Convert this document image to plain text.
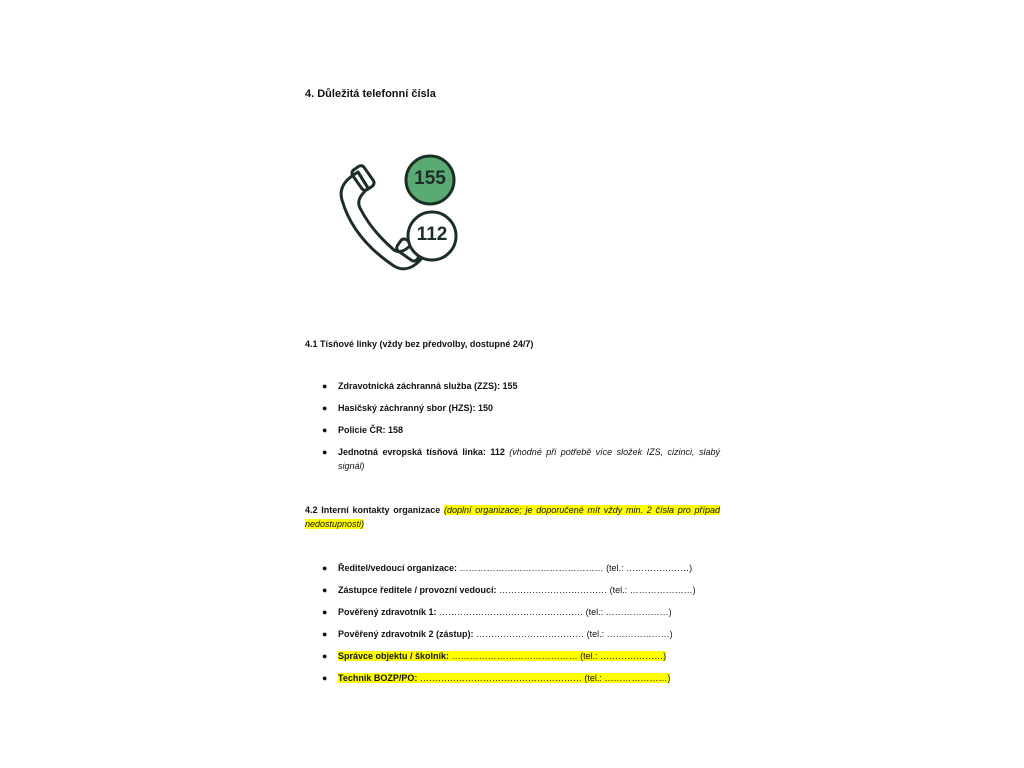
4. Důležitá telefonní čísla
155
112

4.1 Tísňové linky (vždy bez předvolby, dostupné 24/7)

● Zdravotnická záchranná služba (ZZS): 155
● Hasičský záchranný sbor (HZS): 150
● Policie ČR: 158
● Jednotná evropská tísňová linka: 112 (vhodné při potřebě více složek IZS, cizinci, slabý signál)

4.2 Interní kontakty organizace (doplní organizace; je doporučené mít vždy min. 2 čísla pro případ nedostupnosti)

● Ředitel/vedoucí organizace: ………………………………………… (tel.: …………………)
● Zástupce ředitele / provozní vedoucí: ……………………………… (tel.: …………………)
● Pověřený zdravotník 1: ………………………………………… (tel.: …………………)
● Pověřený zdravotník 2 (zástup): ……………………………… (tel.: …………………)
● Správce objektu / školník: …………………………………… (tel.: …………………)
● Technik BOZP/PO: ……………………………………………… (tel.: …………………)
